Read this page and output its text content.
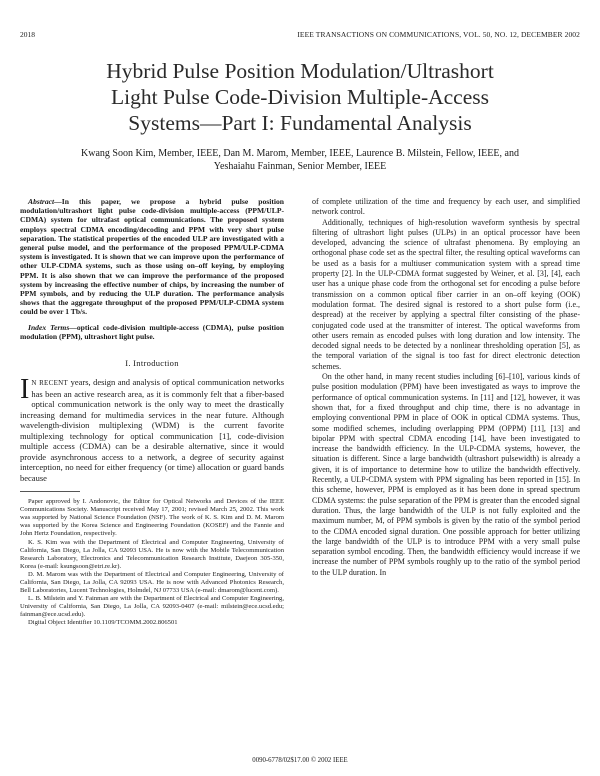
2018	IEEE TRANSACTIONS ON COMMUNICATIONS, VOL. 50, NO. 12, DECEMBER 2002
Hybrid Pulse Position Modulation/Ultrashort
Light Pulse Code-Division Multiple-Access
Systems—Part I: Fundamental Analysis
Kwang Soon Kim, Member, IEEE, Dan M. Marom, Member, IEEE, Laurence B. Milstein, Fellow, IEEE, and
Yeshaiahu Fainman, Senior Member, IEEE

Abstract—In this paper, we propose a hybrid pulse position modulation/ultrashort light pulse code-division multiple-access (PPM/ULP-CDMA) system for ultrafast optical communications. The proposed system employs spectral CDMA encoding/decoding and PPM with very short pulse separation. The statistical properties of the encoded ULP are investigated with a general pulse model, and the performance of the proposed PPM/ULP-CDMA system is investigated. It is shown that we can improve upon the performance of other ULP-CDMA systems, such as those using on–off keying, by employing PPM. It is also shown that we can improve the performance of the proposed system by increasing the effective number of chips, by increasing the number of PPM symbols, and by reducing the ULP duration. The performance analysis shows that the aggregate throughput of the proposed PPM/ULP-CDMA system could be over 1 Tb/s.

Index Terms—optical code-division multiple-access (CDMA), pulse position modulation (PPM), ultrashort light pulse.

I. Introduction

I N RECENT years, design and analysis of optical communication networks has been an active research area, as it is commonly felt that a fiber-based optical communication network is the only way to meet the drastically increasing demand for multimedia services in the near future. Although wavelength-division multiplexing (WDM) is the current favorite multiplexing technology for optical communication [1], code-division multiple access (CDMA) can be a desirable alternative, since it would provide asynchronous access to a network, a degree of security against interception, no need for either frequency (or time) allocation or guard bands because

Paper approved by I. Andonovic, the Editor for Optical Networks and Devices of the IEEE Communications Society. Manuscript received May 17, 2001; revised March 25, 2002. This work was supported by National Science Foundation (NSF). The work of K. S. Kim and D. M. Marom was supported by the Korea Science and Engineering Foundation (KOSEF) and the Fannie and John Hertz Foundation, respectively.

K. S. Kim was with the Department of Electrical and Computer Engineering, University of California, San Diego, La Jolla, CA 92093 USA. He is now with the Mobile Telecommunication Research Laboratory, Electronics and Telecommunication Research Institute, Daejeon 305-350, Korea (e-mail: ksungsoon@etri.re.kr).

D. M. Marom was with the Department of Electrical and Computer Engineering, University of California, San Diego, La Jolla, CA 92093 USA. He is now with Advanced Photonics Research, Bell Laboratories, Lucent Technologies, Holmdel, NJ 07733 USA (e-mail: dmarom@lucent.com).

L. B. Milstein and Y. Fainman are with the Department of Electrical and Computer Engineering, University of California, San Diego, La Jolla, CA 92093-0407 (e-mail: milstein@ece.ucsd.edu; fainman@ece.ucsd.edu).

Digital Object Identifier 10.1109/TCOMM.2002.806501

of complete utilization of the time and frequency by each user, and simplified network control.

Additionally, techniques of high-resolution waveform synthesis by spectral filtering of ultrashort light pulses (ULPs) in an optical processor have been developed, advancing the science of ultrafast phenomena. By employing an orthogonal phase code set as the spectral filter, the resulting optical waveforms can be used as a basis for a multiuser communication system with a spread time property [2]. In the ULP-CDMA format suggested by Weiner, et al. [3], [4], each user has a unique phase code from the orthogonal set for encoding a pulse before transmission on a common optical fiber carrier in an on–off keying (OOK) modulation format. The desired signal is restored to a short pulse form (i.e., despread) at the receiver by applying a spectral filter consisting of the phase-conjugated code used at the transmitter of interest. The optical waveforms from other users remain as encoded pulses with long duration and low intensity. The decoded signal needs to be detected by a nonlinear thresholding operation [5], as the temporal variation of the signal is too fast for direct electronic detection schemes.

On the other hand, in many recent studies including [6]–[10], various kinds of pulse position modulation (PPM) have been investigated as ways to improve the performance of optical communication systems. In [11] and [12], however, it was shown that, for a fixed throughput and chip time, there is no advantage in employing conventional PPM in place of OOK in optical CDMA systems. Thus, some modified schemes, including overlapping PPM (OPPM) [11], [13] and bipolar PPM with spectral CDMA encoding [14], have been investigated to increase the bandwidth efficiency. In the ULP-CDMA systems, however, the situation is different. Since a large bandwidth (ultrashort pulsewidth) is already a given, it is of importance to determine how to utilize the bandwidth effectively. Recently, a ULP-CDMA system with PPM signaling has been reported in [15]. In this scheme, however, PPM is employed as it has been done in spread spectrum CDMA systems: the pulse separation of the PPM is greater than the encoded signal duration. Thus, the large bandwidth of the ULP is not fully exploited and the maximum number, M, of PPM symbols is given by the ratio of the symbol period to the CDMA encoded signal duration. One possible approach for better utilizing the large bandwidth of the ULP is to introduce PPM with a very small pulse separation symbol encoding. Then, the bandwidth efficiency would increase if we increase the number of PPM symbols roughly up to the ratio of the symbol period to the ULP duration. In

0090-6778/02$17.00 © 2002 IEEE
